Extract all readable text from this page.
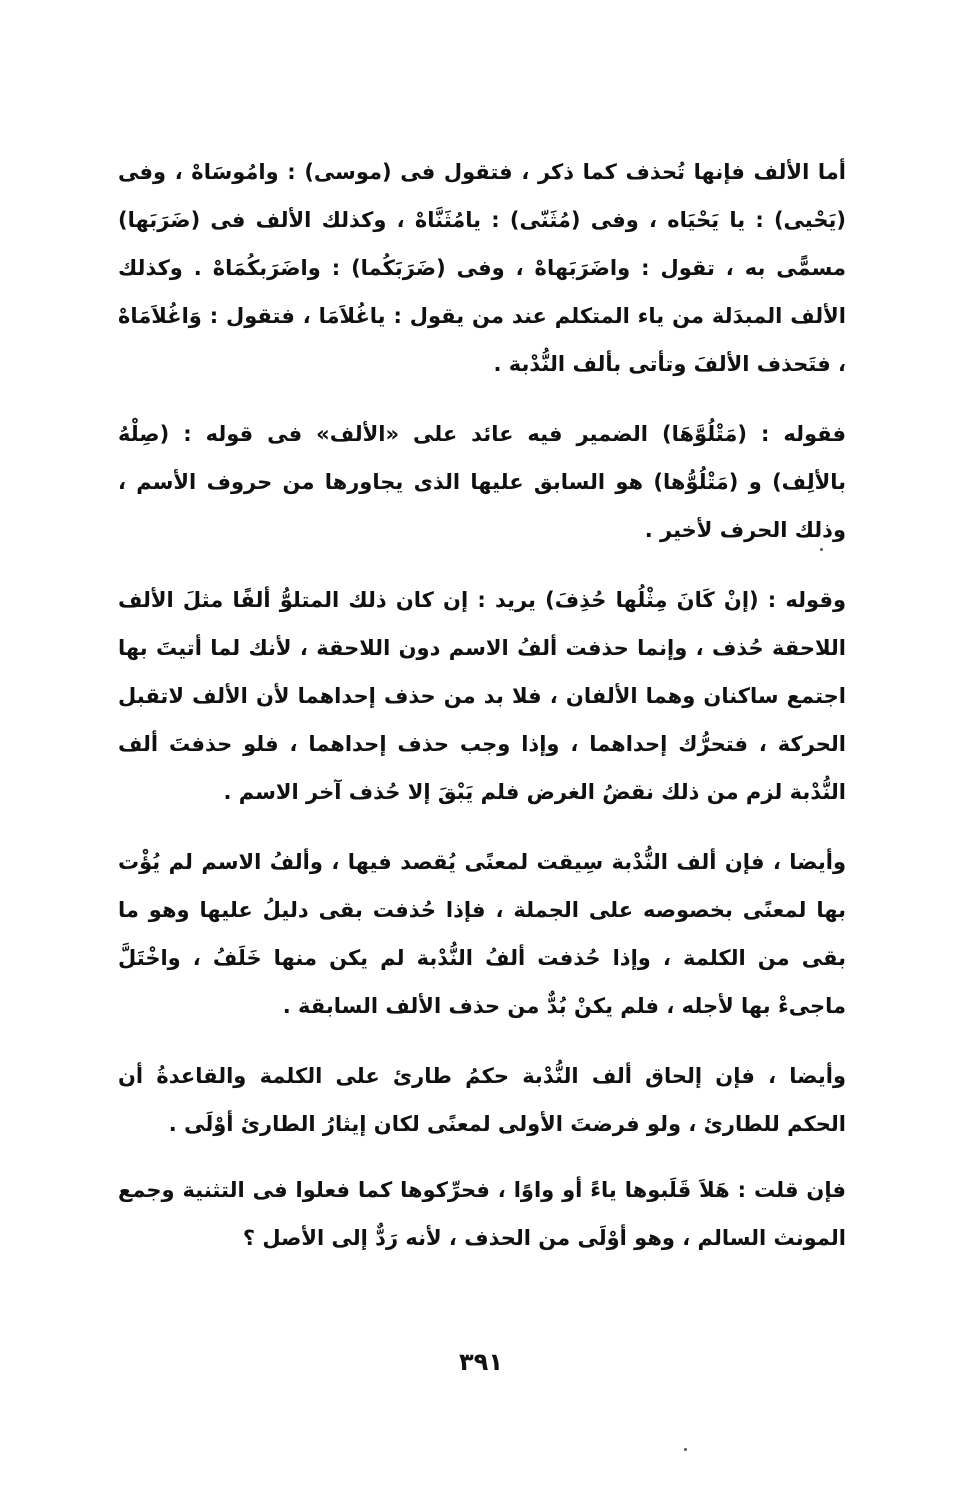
أما الألف فإنها تُحذف كما ذكر ، فتقول فى (موسى) : وامُوسَاهْ ، وفى (يَحْيى) : يا يَحْيَاه ، وفى (مُثَنّى) : يامُثَنَّاهْ ، وكذلك الألف فى (ضَرَبَها) مسمًّى به ، تقول : واضَرَبَهاهْ ، وفى (ضَرَبَكُما) : واضَرَبكُمَاهْ . وكذلك الألف المبدَلة من ياء المتكلم عند من يقول : ياغُلاَمَا ، فتقول : وَاغُلاَمَاهْ ، فتَحذف الألفَ وتأتى بألف النُّدْبة .

فقوله : (مَتْلُوَّهَا) الضمير فيه عائد على «الألف» فى قوله : (صِلْهُ بالألِف) و (مَتْلُوُّها) هو السابق عليها الذى يجاورها من حروف الأسم ، وذلك الحرف لأخير .

وقوله : (إنْ كَانَ مِثْلُها حُذِفَ) يريد : إن كان ذلك المتلوُّ ألفًا مثلَ الألف اللاحقة حُذف ، وإنما حذفت ألفُ الاسم دون اللاحقة ، لأنك لما أتيتَ بها اجتمع ساكنان وهما الألفان ، فلا بد من حذف إحداهما لأن الألف لاتقبل الحركة ، فتحرُّك إحداهما ، وإذا وجب حذف إحداهما ، فلو حذفتَ ألف النُّدْبة لزم من ذلك نقضُ الغرض فلم يَبْقَ إلا حُذف آخر الاسم .

وأيضا ، فإن ألف النُّدْبة سِيقت لمعنًى يُقصد فيها ، وألفُ الاسم لم يُؤْت بها لمعنًى بخصوصه على الجملة ، فإذا حُذفت بقى دليلُ عليها وهو ما بقى من الكلمة ، وإذا حُذفت ألفُ النُّدْبة لم يكن منها خَلَفُ ، واخْتَلَّ ماجىءْ بها لأجله ، فلم يكنْ بُدٌّ من حذف الألف السابقة .

وأيضا ، فإن إلحاق ألف النُّدْبة حكمُ طارئ على الكلمة والقاعدةُ أن الحكم للطارئ ، ولو فرضتَ الأولى لمعنًى لكان إيثارُ الطارئ أوْلَى .

فإن قلت : هَلاَ قَلَبوها ياءً أو واوًا ، فحرِّكوها كما فعلوا فى التثنية وجمع المونث السالم ، وهو أوْلَى من الحذف ، لأنه رَدٌّ إلى الأصل ؟

٣٩١
